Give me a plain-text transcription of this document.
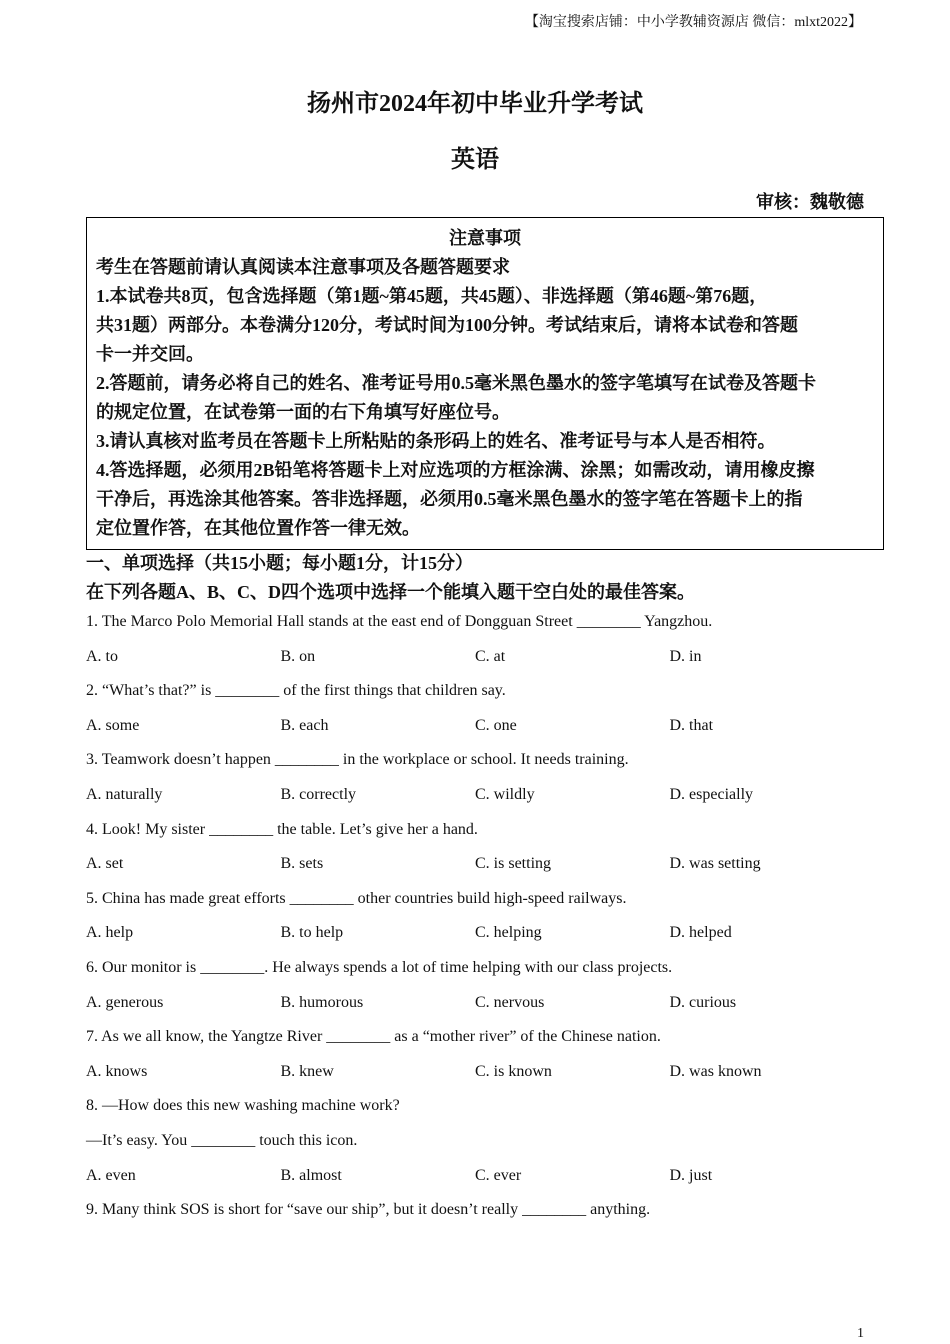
【淘宝搜索店铺：中小学教辅资源店 微信：mlxt2022】
扬州市2024年初中毕业升学考试
英语
审核：魏敬德
注意事项
考生在答题前请认真阅读本注意事项及各题答题要求
1.本试卷共8页，包含选择题（第1题~第45题，共45题）、非选择题（第46题~第76题，
共31题）两部分。本卷满分120分，考试时间为100分钟。考试结束后，请将本试卷和答题
卡一并交回。
2.答题前，请务必将自己的姓名、准考证号用0.5毫米黑色墨水的签字笔填写在试卷及答题卡
的规定位置，在试卷第一面的右下角填写好座位号。
3.请认真核对监考员在答题卡上所粘贴的条形码上的姓名、准考证号与本人是否相符。
4.答选择题，必须用2B铅笔将答题卡上对应选项的方框涂满、涂黑；如需改动，请用橡皮擦
干净后，再选涂其他答案。答非选择题，必须用0.5毫米黑色墨水的签字笔在答题卡上的指
定位置作答，在其他位置作答一律无效。
一、单项选择（共15小题；每小题1分，计15分）
在下列各题A、B、C、D四个选项中选择一个能填入题干空白处的最佳答案。
1. The Marco Polo Memorial Hall stands at the east end of Dongguan Street ________ Yangzhou.
A. to	B. on	C. at	D. in
2. “What’s that?” is ________ of the first things that children say.
A. some	B. each	C. one	D. that
3. Teamwork doesn’t happen ________ in the workplace or school. It needs training.
A. naturally	B. correctly	C. wildly	D. especially
4. Look! My sister ________ the table. Let’s give her a hand.
A. set	B. sets	C. is setting	D. was setting
5. China has made great efforts ________ other countries build high-speed railways.
A. help	B. to help	C. helping	D. helped
6. Our monitor is ________. He always spends a lot of time helping with our class projects.
A. generous	B. humorous	C. nervous	D. curious
7. As we all know, the Yangtze River ________ as a “mother river” of the Chinese nation.
A. knows	B. knew	C. is known	D. was known
8. —How does this new washing machine work?
—It’s easy. You ________ touch this icon.
A. even	B. almost	C. ever	D. just
9. Many think SOS is short for “save our ship”, but it doesn’t really ________ anything.
1
